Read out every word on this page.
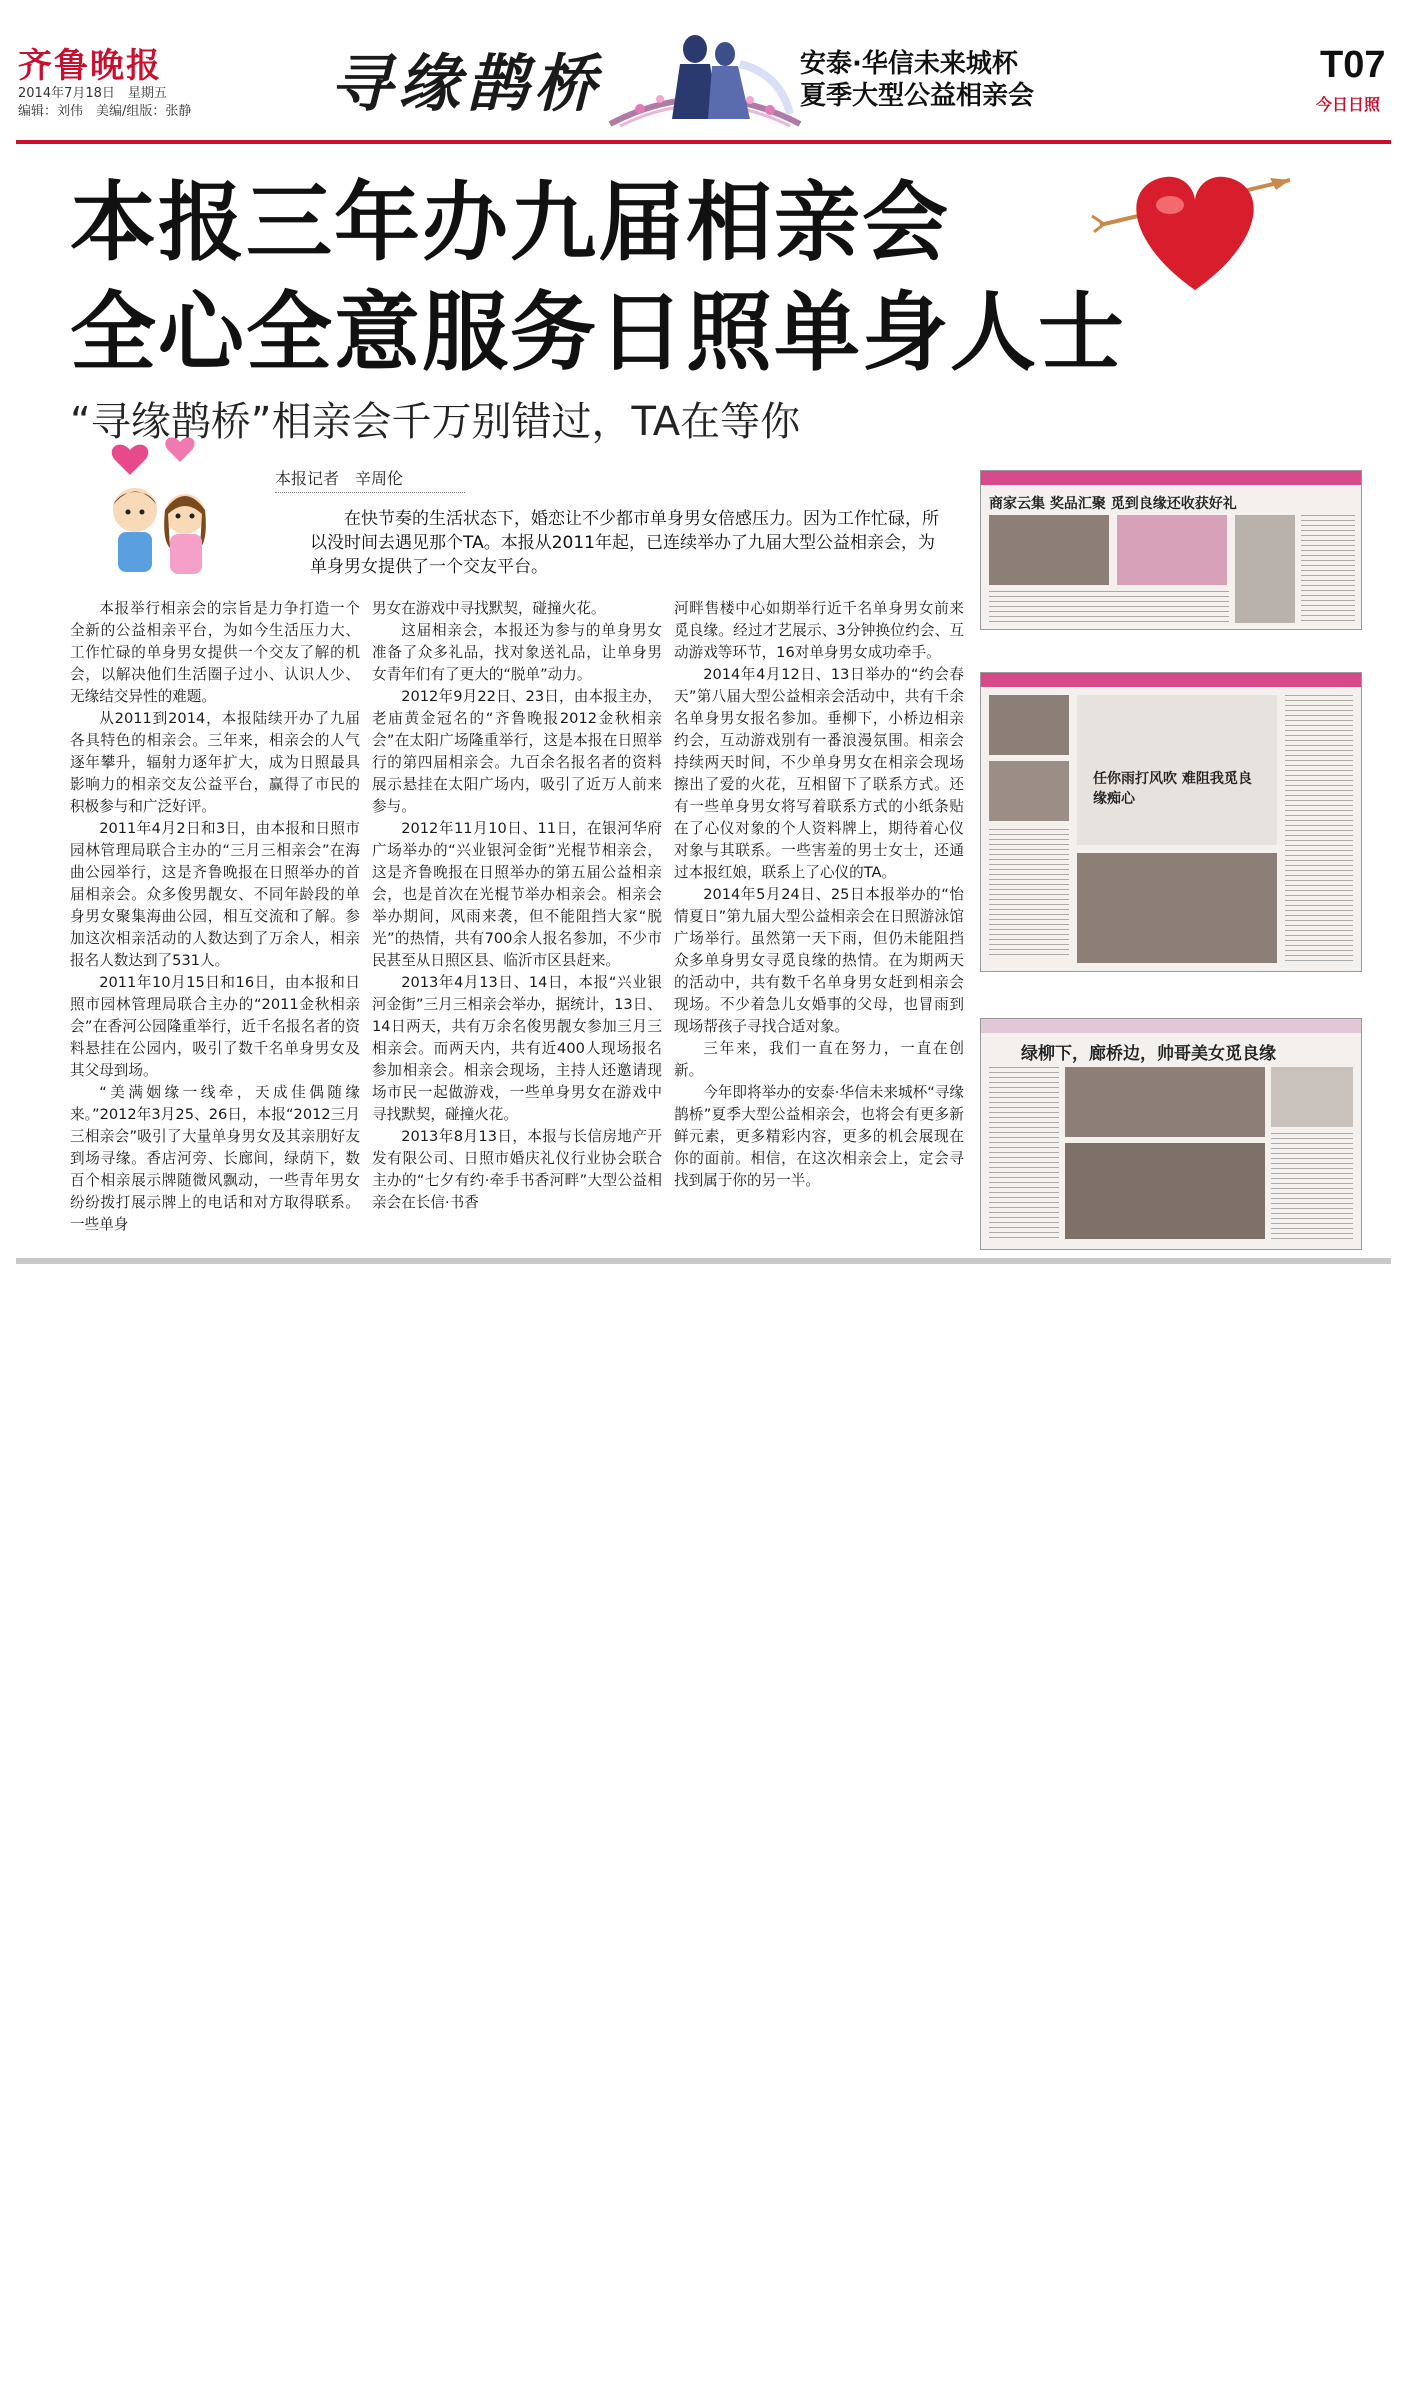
齐鲁晚报
2014年7月18日　星期五
编辑：刘伟　美编/组版：张静 寻缘鹊桥	安泰·华信未来城杯
夏季大型公益相亲会
T07
今日日照
本报三年办九届相亲会
全心全意服务日照单身人士
“寻缘鹊桥”相亲会千万别错过，TA在等你
本报记者　辛周伦
在快节奏的生活状态下，婚恋让不少都市单身男女倍感压力。因为工作忙碌，所以没时间去遇见那个TA。本报从2011年起，已连续举办了九届大型公益相亲会，为单身男女提供了一个交友平台。

本报举行相亲会的宗旨是力争打造一个全新的公益相亲平台，为如今生活压力大、工作忙碌的单身男女提供一个交友了解的机会，以解决他们生活圈子过小、认识人少、无缘结交异性的难题。

从2011到2014，本报陆续开办了九届各具特色的相亲会。三年来，相亲会的人气逐年攀升，辐射力逐年扩大，成为日照最具影响力的相亲交友公益平台，赢得了市民的积极参与和广泛好评。

2011年4月2日和3日，由本报和日照市园林管理局联合主办的“三月三相亲会”在海曲公园举行，这是齐鲁晚报在日照举办的首届相亲会。众多俊男靓女、不同年龄段的单身男女聚集海曲公园，相互交流和了解。参加这次相亲活动的人数达到了万余人，相亲报名人数达到了531人。

2011年10月15日和16日，由本报和日照市园林管理局联合主办的“2011金秋相亲会”在香河公园隆重举行，近千名报名者的资料悬挂在公园内，吸引了数千名单身男女及其父母到场。

“美满姻缘一线牵，天成佳偶随缘来。”2012年3月25、26日，本报“2012三月三相亲会”吸引了大量单身男女及其亲朋好友到场寻缘。香店河旁、长廊间，绿荫下，数百个相亲展示牌随微风飘动，一些青年男女纷纷拨打展示牌上的电话和对方取得联系。一些单身

男女在游戏中寻找默契，碰撞火花。

这届相亲会，本报还为参与的单身男女准备了众多礼品，找对象送礼品，让单身男女青年们有了更大的“脱单”动力。

2012年9月22日、23日，由本报主办，老庙黄金冠名的“齐鲁晚报2012金秋相亲会”在太阳广场隆重举行，这是本报在日照举行的第四届相亲会。九百余名报名者的资料展示悬挂在太阳广场内，吸引了近万人前来参与。

2012年11月10日、11日，在银河华府广场举办的“兴业银河金街”光棍节相亲会，这是齐鲁晚报在日照举办的第五届公益相亲会，也是首次在光棍节举办相亲会。相亲会举办期间，风雨来袭，但不能阻挡大家“脱光”的热情，共有700余人报名参加，不少市民甚至从日照区县、临沂市区县赶来。

2013年4月13日、14日，本报“兴业银河金街”三月三相亲会举办，据统计，13日、14日两天，共有万余名俊男靓女参加三月三相亲会。而两天内，共有近400人现场报名参加相亲会。相亲会现场，主持人还邀请现场市民一起做游戏，一些单身男女在游戏中寻找默契，碰撞火花。

2013年8月13日，本报与长信房地产开发有限公司、日照市婚庆礼仪行业协会联合主办的“七夕有约·牵手书香河畔”大型公益相亲会在长信·书香

河畔售楼中心如期举行近千名单身男女前来觅良缘。经过才艺展示、3分钟换位约会、互动游戏等环节，16对单身男女成功牵手。

2014年4月12日、13日举办的“约会春天”第八届大型公益相亲会活动中，共有千余名单身男女报名参加。垂柳下，小桥边相亲约会，互动游戏别有一番浪漫氛围。相亲会持续两天时间，不少单身男女在相亲会现场擦出了爱的火花，互相留下了联系方式。还有一些单身男女将写着联系方式的小纸条贴在了心仪对象的个人资料牌上，期待着心仪对象与其联系。一些害羞的男士女士，还通过本报红娘，联系上了心仪的TA。

2014年5月24日、25日本报举办的“怡情夏日”第九届大型公益相亲会在日照游泳馆广场举行。虽然第一天下雨，但仍未能阻挡众多单身男女寻觅良缘的热情。在为期两天的活动中，共有数千名单身男女赶到相亲会现场。不少着急儿女婚事的父母，也冒雨到现场帮孩子寻找合适对象。

三年来，我们一直在努力，一直在创新。

今年即将举办的安泰·华信未来城杯“寻缘鹊桥”夏季大型公益相亲会，也将会有更多新鲜元素，更多精彩内容，更多的机会展现在你的面前。相信，在这次相亲会上，定会寻找到属于你的另一半。

商家云集 奖品汇聚 觅到良缘还收获好礼
任你雨打风吹 难阻我觅良缘痴心
绿柳下，廊桥边，帅哥美女觅良缘
